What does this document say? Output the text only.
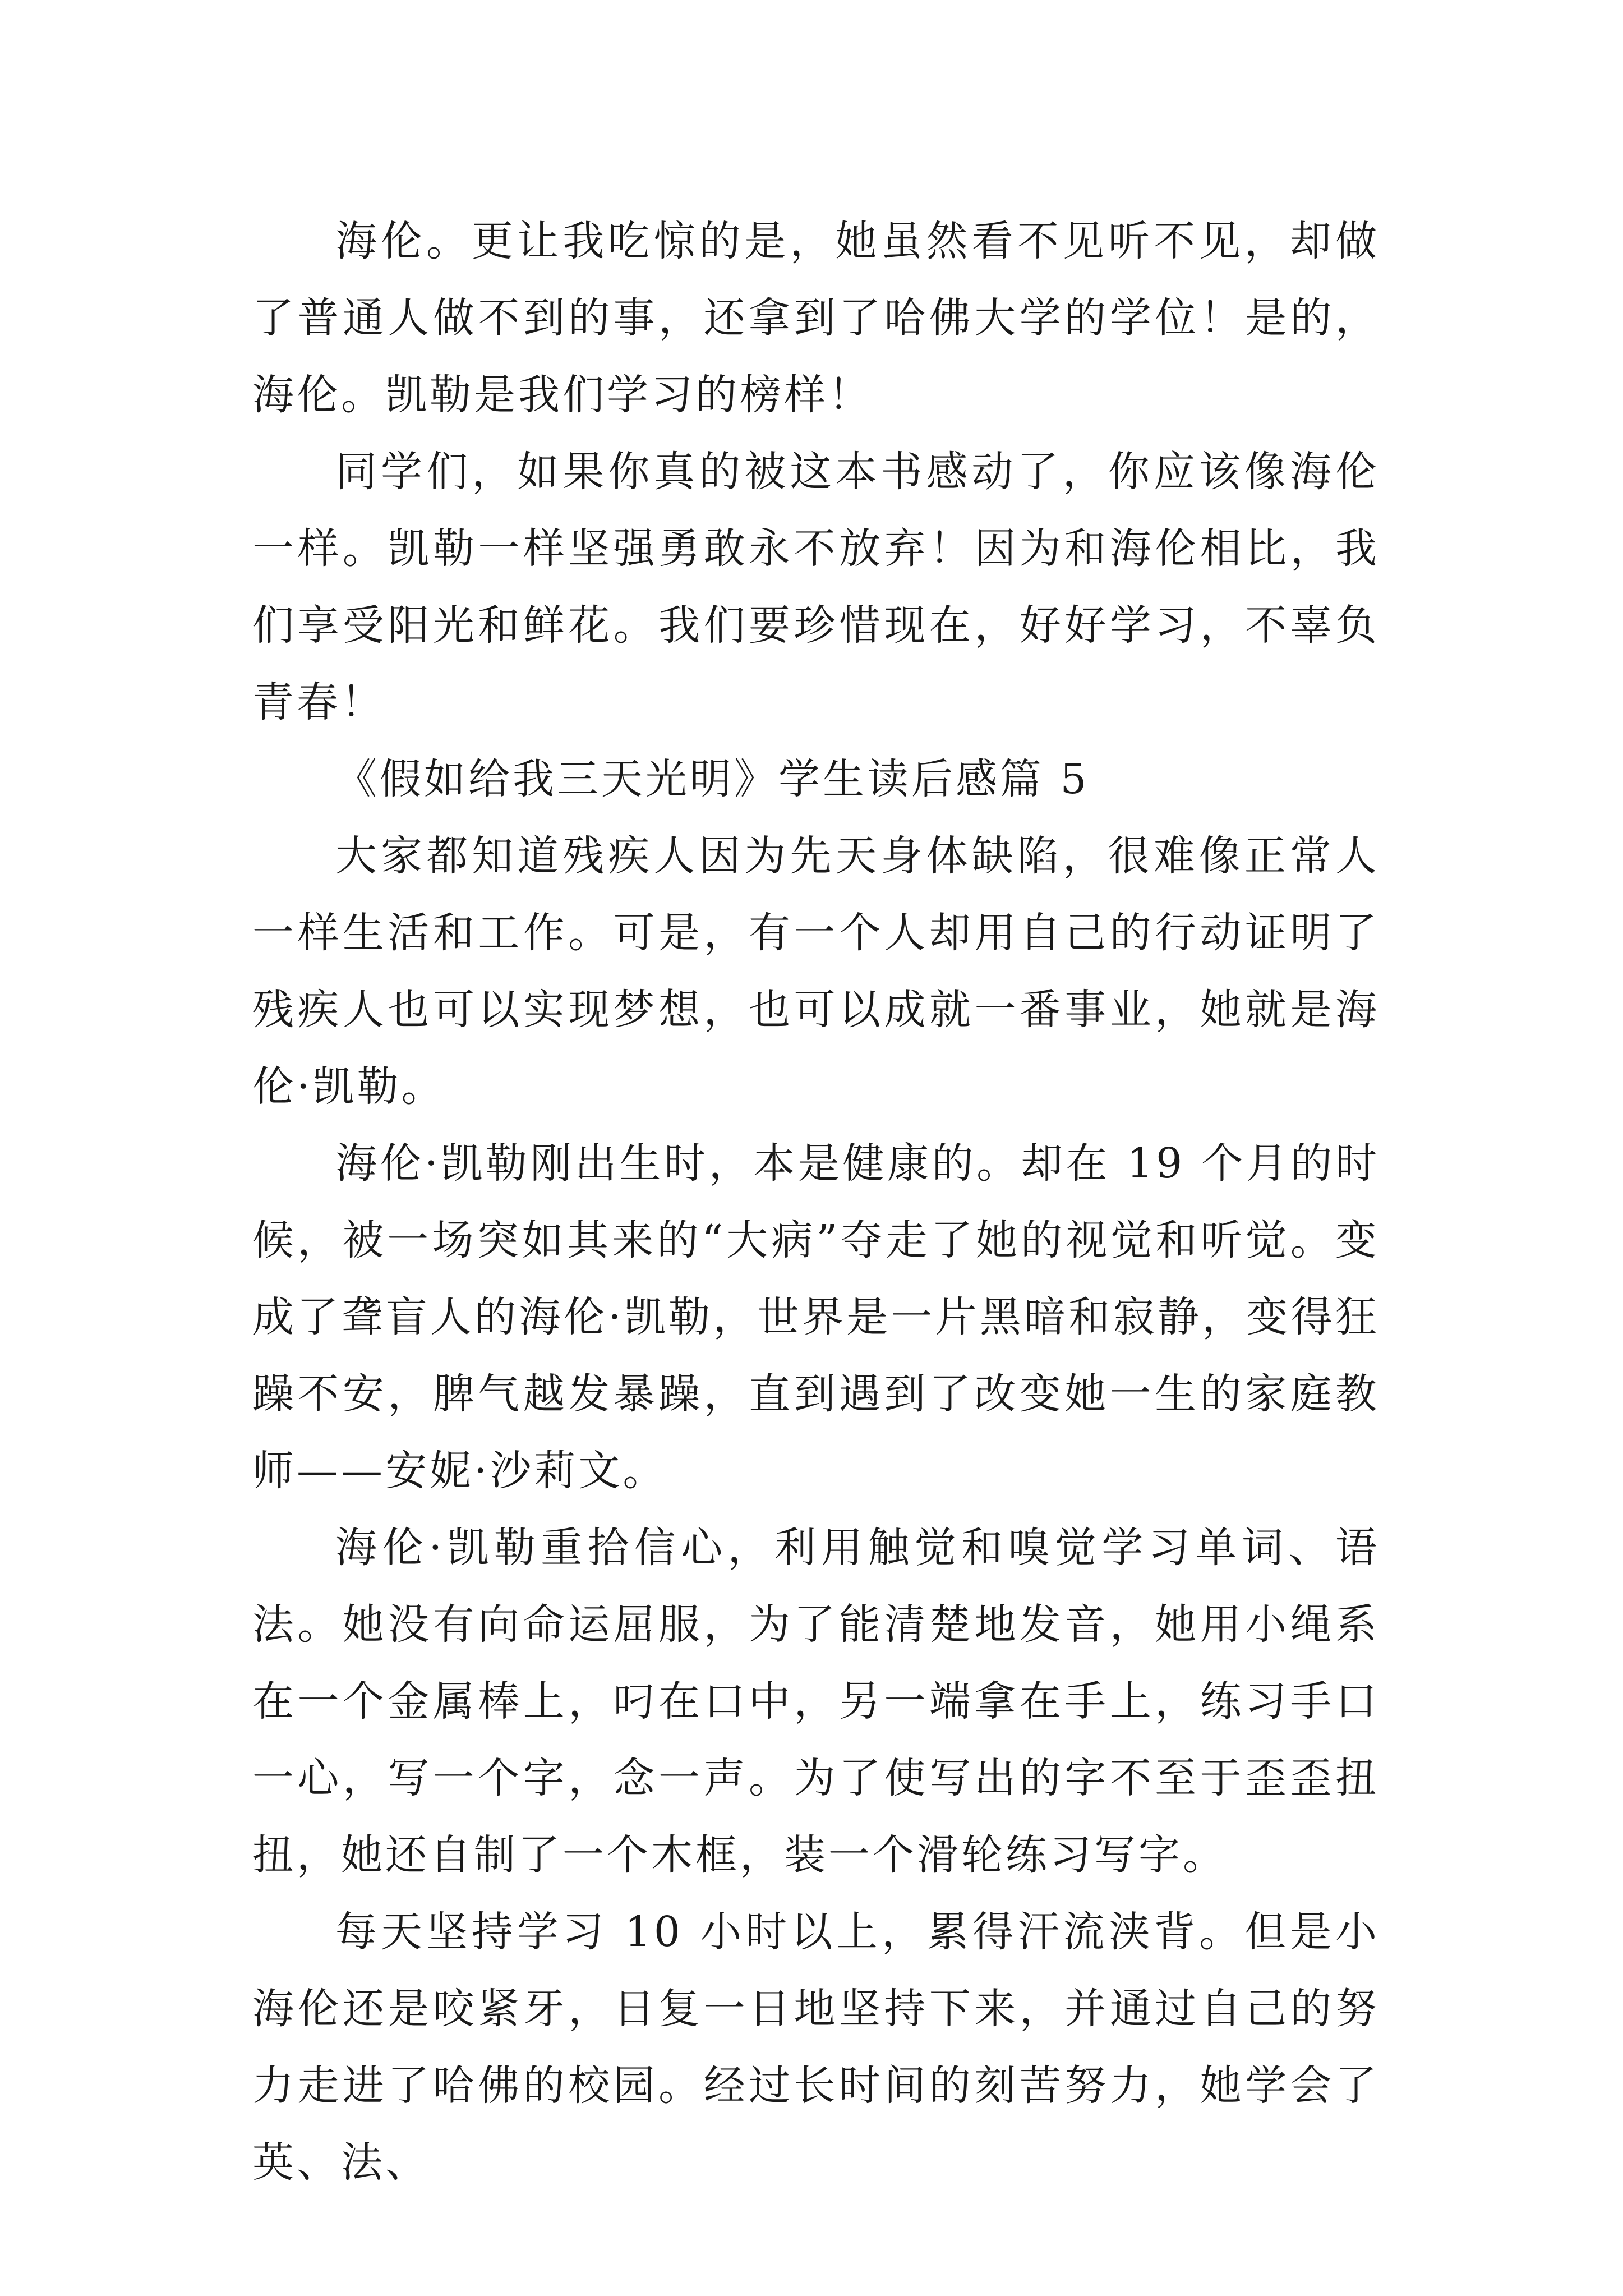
海伦。更让我吃惊的是，她虽然看不见听不见，却做了普通人做不到的事，还拿到了哈佛大学的学位！是的，海伦。凯勒是我们学习的榜样！

同学们，如果你真的被这本书感动了，你应该像海伦一样。凯勒一样坚强勇敢永不放弃！因为和海伦相比，我们享受阳光和鲜花。我们要珍惜现在，好好学习，不辜负青春！

《假如给我三天光明》学生读后感篇 5

大家都知道残疾人因为先天身体缺陷，很难像正常人一样生活和工作。可是，有一个人却用自己的行动证明了残疾人也可以实现梦想，也可以成就一番事业，她就是海伦·凯勒。

海伦·凯勒刚出生时，本是健康的。却在 19 个月的时候，被一场突如其来的“大病”夺走了她的视觉和听觉。变成了聋盲人的海伦·凯勒，世界是一片黑暗和寂静，变得狂躁不安，脾气越发暴躁，直到遇到了改变她一生的家庭教师——安妮·沙莉文。

海伦·凯勒重拾信心，利用触觉和嗅觉学习单词、语法。她没有向命运屈服，为了能清楚地发音，她用小绳系在一个金属棒上，叼在口中，另一端拿在手上，练习手口一心，写一个字，念一声。为了使写出的字不至于歪歪扭扭，她还自制了一个木框，装一个滑轮练习写字。

每天坚持学习 10 小时以上，累得汗流浃背。但是小海伦还是咬紧牙，日复一日地坚持下来，并通过自己的努力走进了哈佛的校园。经过长时间的刻苦努力，她学会了英、法、
